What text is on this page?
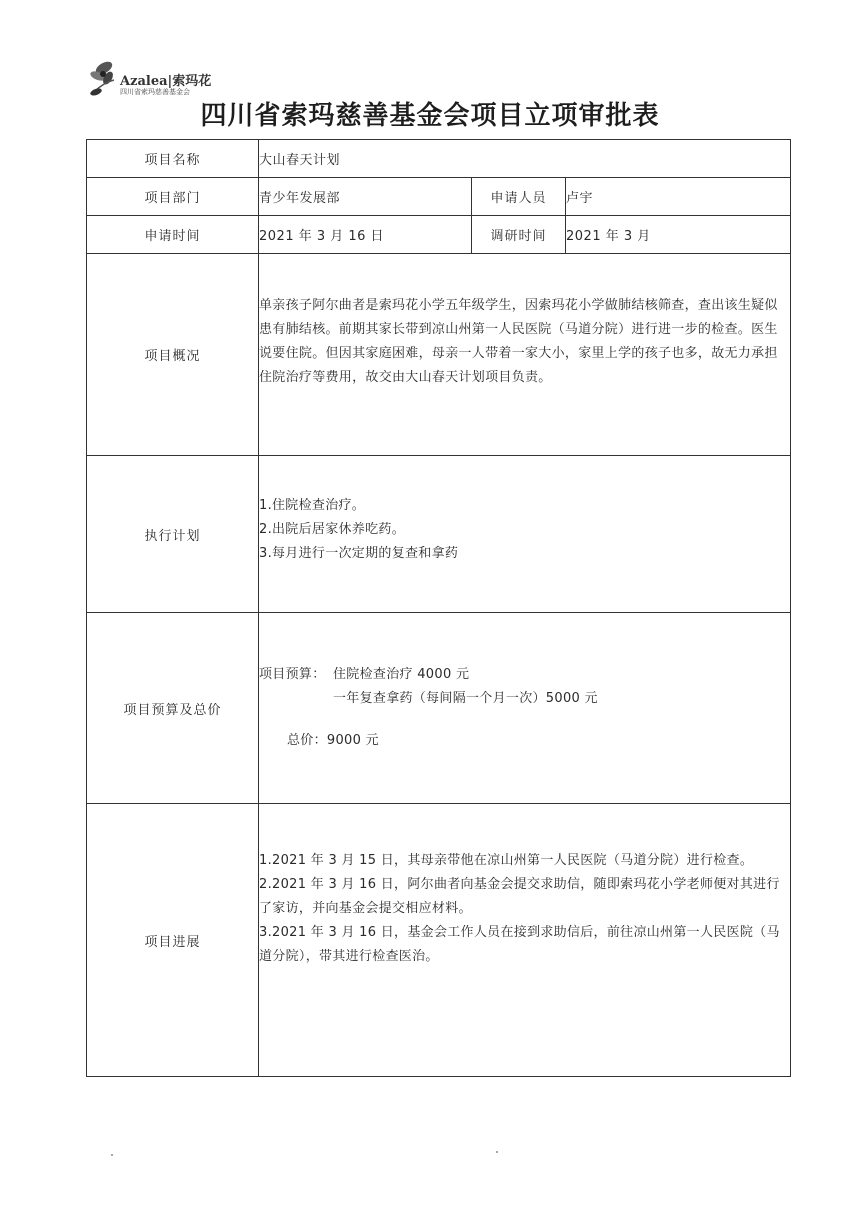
Azalea|索玛花
四川省索玛慈善基金会
四川省索玛慈善基金会项目立项审批表
项目名称	大山春天计划		
项目部门	青少年发展部	申请人员	卢宇
申请时间	2021 年 3 月 16 日	调研时间	2021 年 3 月
项目概况	单亲孩子阿尔曲者是索玛花小学五年级学生，因索玛花小学做肺结核筛查，查出该生疑似患有肺结核。前期其家长带到凉山州第一人民医院（马道分院）进行进一步的检查。医生说要住院。但因其家庭困难，母亲一人带着一家大小，家里上学的孩子也多，故无力承担住院治疗等费用，故交由大山春天计划项目负责。		

执行计划	1.住院检查治疗。
2.出院后居家休养吃药。
3.每月进行一次定期的复查和拿药		

项目预算及总价	项目预算： 住院检查治疗 4000 元
一年复查拿药（每间隔一个月一次）5000 元
总价：9000 元		

项目进展	1.2021 年 3 月 15 日，其母亲带他在凉山州第一人民医院（马道分院）进行检查。
2.2021 年 3 月 16 日，阿尔曲者向基金会提交求助信，随即索玛花小学老师便对其进行了家访，并向基金会提交相应材料。
3.2021 年 3 月 16 日，基金会工作人员在接到求助信后，前往凉山州第一人民医院（马道分院），带其进行检查医治。		
